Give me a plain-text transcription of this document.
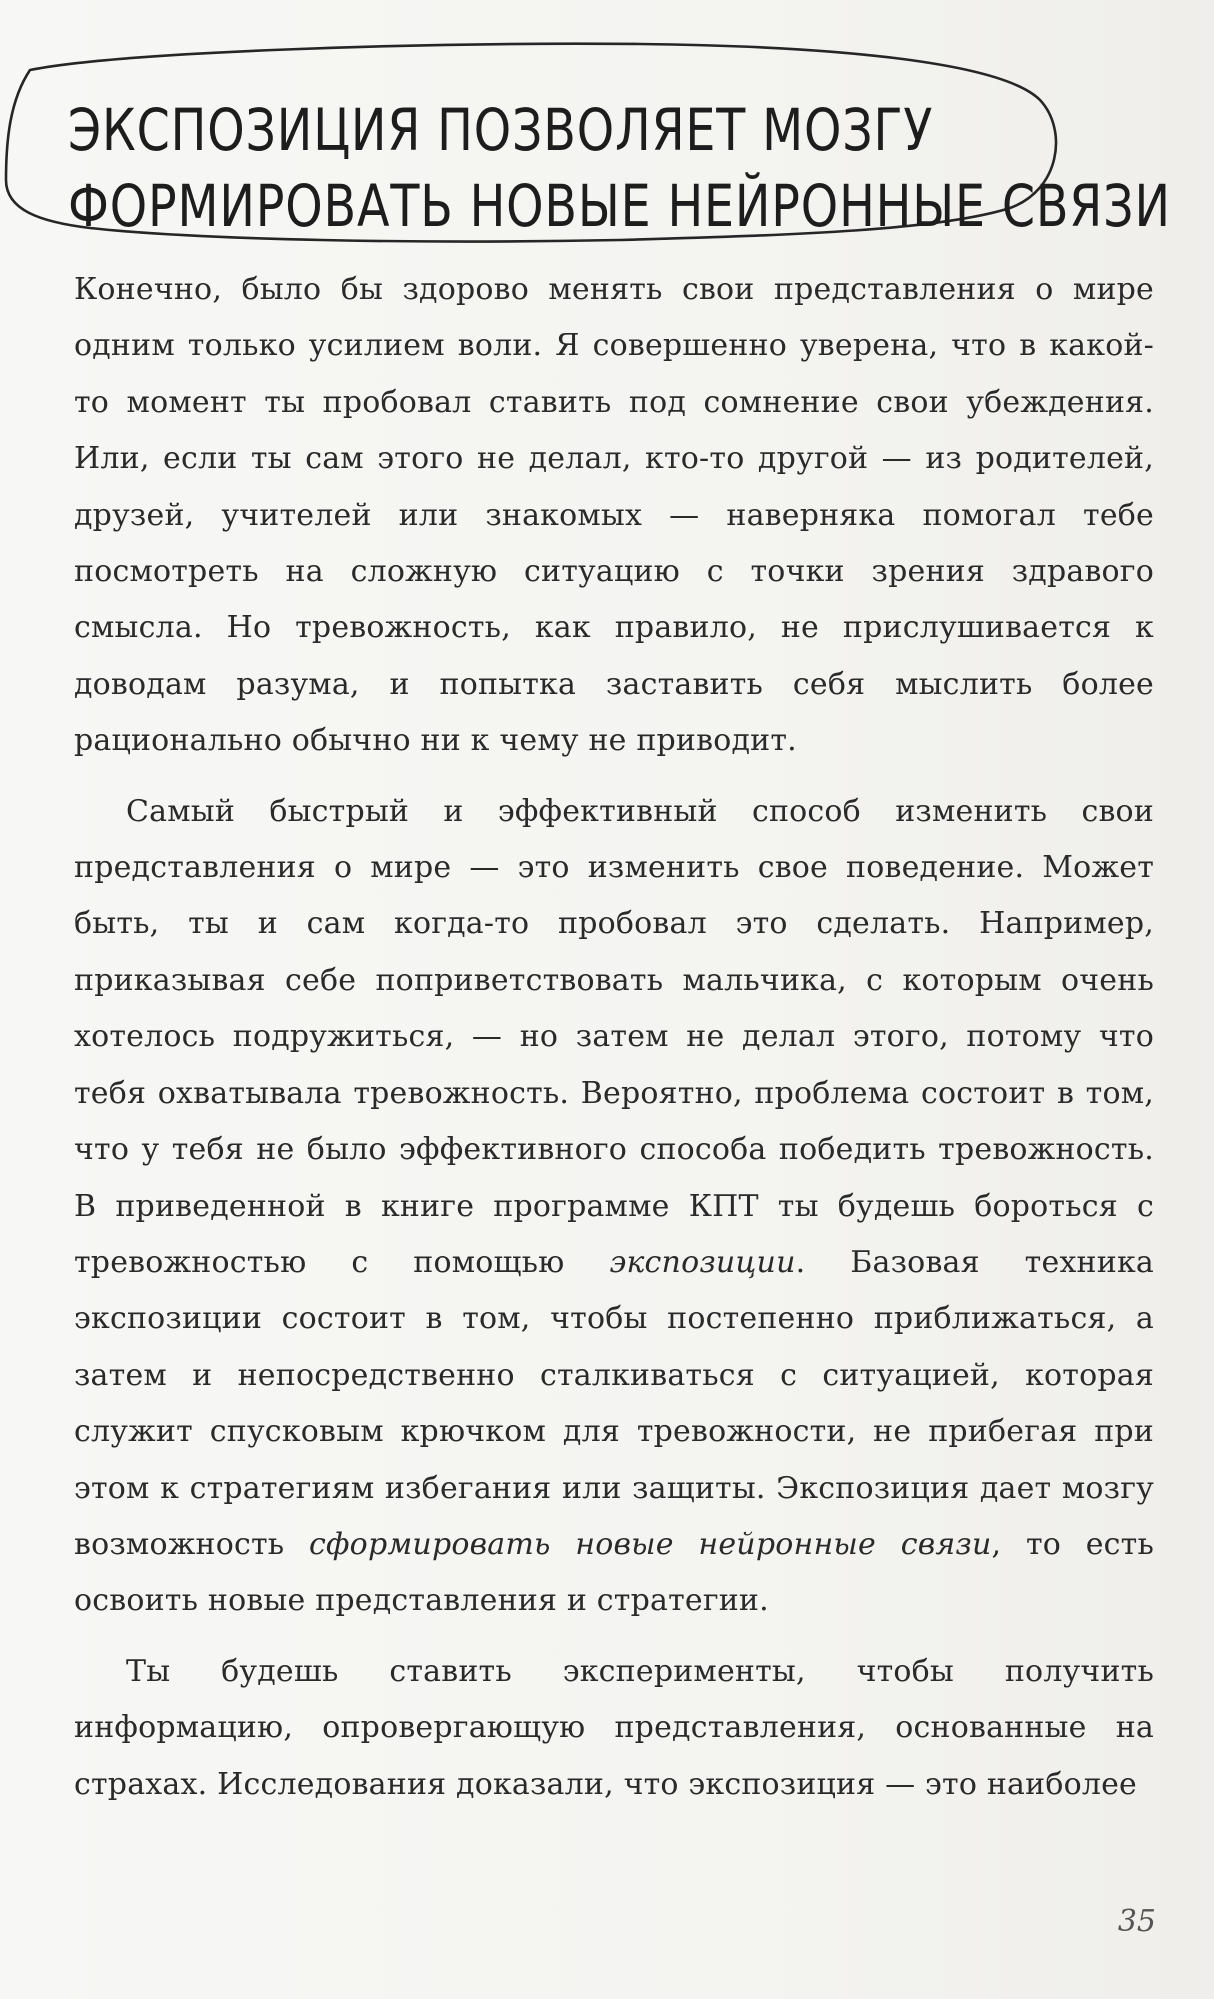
ЭКСПОЗИЦИЯ ПОЗВОЛЯЕТ МОЗГУ
ФОРМИРОВАТЬ НОВЫЕ НЕЙРОННЫЕ СВЯЗИ

Конечно, было бы здорово менять свои представления о мире одним только усилием воли. Я совершенно уверена, что в какой-то момент ты пробовал ставить под сомнение свои убеждения. Или, если ты сам этого не делал, кто-то другой — из родителей, друзей, учителей или знакомых — наверняка помогал тебе посмотреть на сложную ситуацию с точки зрения здравого смысла. Но тревожность, как правило, не прислушивается к доводам разума, и попытка заставить себя мыслить более рационально обычно ни к чему не приводит.

Самый быстрый и эффективный способ изменить свои представления о мире — это изменить свое поведение. Может быть, ты и сам когда-то пробовал это сделать. Например, приказывая себе поприветствовать мальчика, с которым очень хотелось подружиться, — но затем не делал этого, потому что тебя охватывала тревожность. Вероятно, проблема состоит в том, что у тебя не было эффективного способа победить тревожность. В приведенной в книге программе КПТ ты будешь бороться с тревожностью с помощью экспозиции. Базовая техника экспозиции состоит в том, чтобы постепенно приближаться, а затем и непосредственно сталкиваться с ситуацией, которая служит спусковым крючком для тревожности, не прибегая при этом к стратегиям избегания или защиты. Экспозиция дает мозгу возможность сформировать новые нейронные связи, то есть освоить новые представления и стратегии.

Ты будешь ставить эксперименты, чтобы получить информацию, опровергающую представления, основанные на страхах. Исследования доказали, что экспозиция — это наиболее

35
